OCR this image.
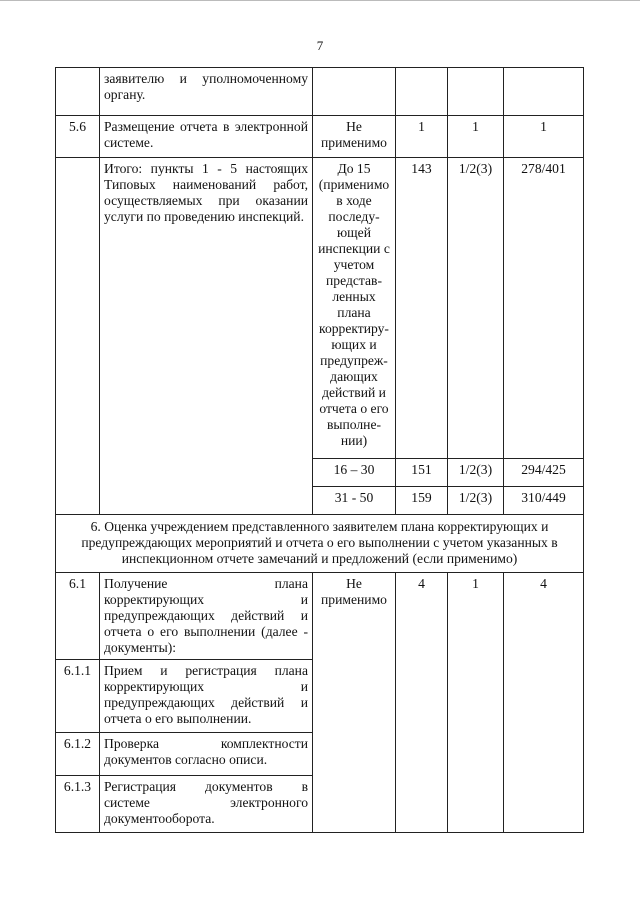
7

	заявителю и уполномоченному

органу.				

5.6	Размещение отчета в электронной

системе.	Не применимо	1	1	1

	Итого: пункты 1 - 5 настоящих

Типовых наименований работ,

осуществляемых при оказании

услуги по проведению инспекций.	До 15 (применимо в ходе последу-ющей инспекции с учетом представ-ленных плана корректиру-ющих и предупреж-дающих действий и отчета о его выполне-нии)	143	1/2(3)	278/401
		16 – 30	151	1/2(3)	294/425
		31 - 50	159	1/2(3)	310/449
6. Оценка учреждением представленного заявителем плана корректирующих и предупреждающих мероприятий и отчета о его выполнении с учетом указанных в инспекционном отчете замечаний и предложений (если применимо)					
6.1	Получение плана

корректирующих и

предупреждающих действий и

отчета о его выполнении (далее -

документы):	Не применимо	4	1	4
6.1.1	Прием и регистрация плана

корректирующих и

предупреждающих действий и

отчета о его выполнении.				

6.1.2	Проверка комплектности

документов согласно описи.				

6.1.3	Регистрация документов в

системе электронного

документооборота.				
